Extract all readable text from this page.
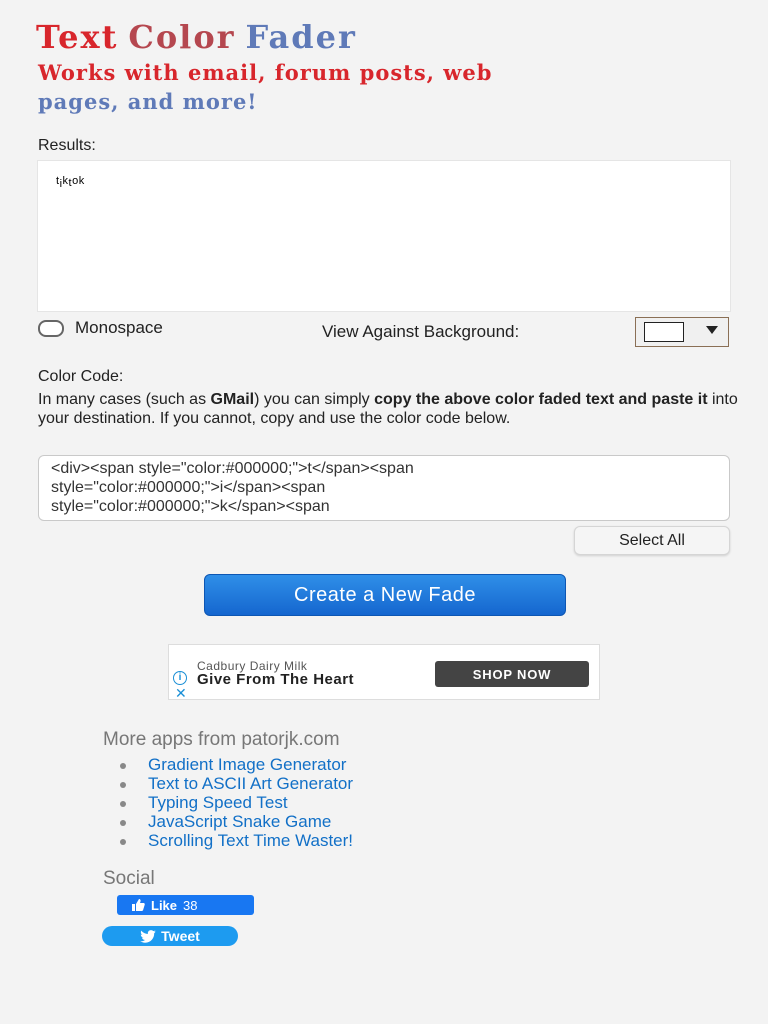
Text Color Fader
Works with email, forum posts, web
pages, and more!
Results:
tiktok
Monospace	View Against Background:
Color Code:
In many cases (such as GMail) you can simply copy the above color faded text and paste it into your destination. If you cannot, copy and use the color code below.
<div><span style="color:#000000;">t</span><span
style="color:#000000;">i</span><span
style="color:#000000;">k</span><span
Select All
Create a New Fade
Cadbury Dairy Milk
i	Give From The Heart
✕
SHOP NOW
More apps from patorjk.com
Gradient Image Generator
Text to ASCII Art Generator
Typing Speed Test
JavaScript Snake Game
Scrolling Text Time Waster!
Social
Like 38
Tweet
